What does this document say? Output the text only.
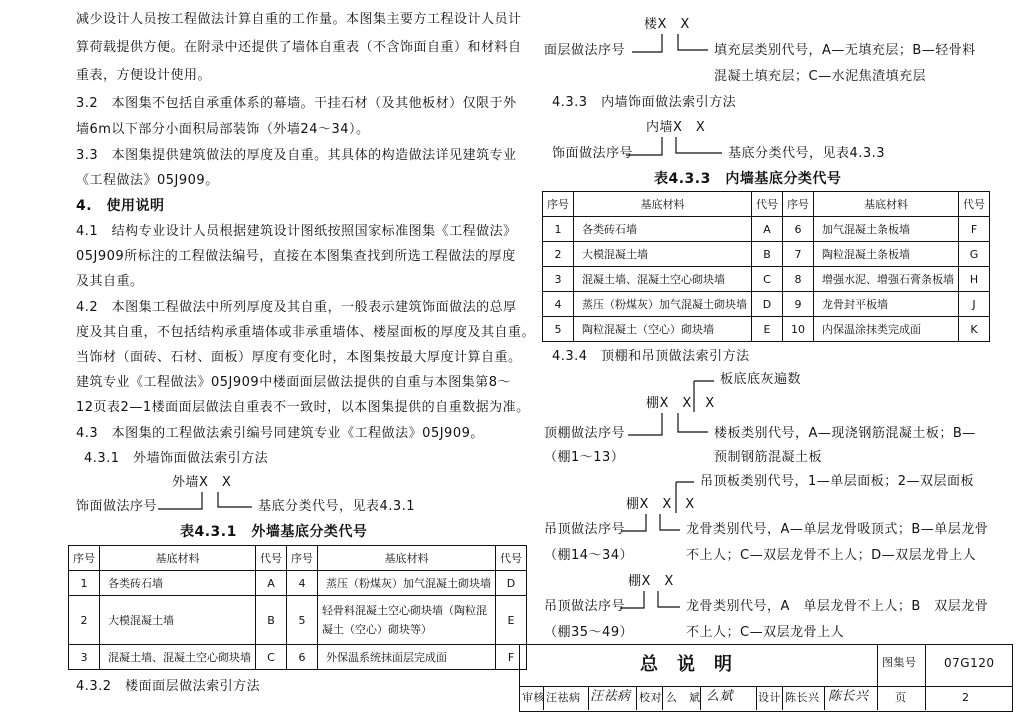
减少设计人员按工程做法计算自重的工作量。本图集主要方工程设计人员计
算荷载提供方便。在附录中还提供了墙体自重表（不含饰面自重）和材料自
重表，方便设计使用。
3.2　本图集不包括自承重体系的幕墙。干挂石材（及其他板材）仅限于外
墙6m以下部分小面积局部装饰（外墙24～34）。
3.3　本图集提供建筑做法的厚度及自重。其具体的构造做法详见建筑专业
《工程做法》05J909。
4.　使用说明
4.1　结构专业设计人员根据建筑设计图纸按照国家标准图集《工程做法》
05J909所标注的工程做法编号，直接在本图集查找到所选工程做法的厚度
及其自重。
4.2　本图集工程做法中所列厚度及其自重，一般表示建筑饰面做法的总厚
度及其自重，不包括结构承重墙体或非承重墙体、楼屋面板的厚度及其自重。
当饰材（面砖、石材、面板）厚度有变化时，本图集按最大厚度计算自重。
建筑专业《工程做法》05J909中楼面面层做法提供的自重与本图集第8～
12页表2—1楼面面层做法自重表不一致时，以本图集提供的自重数据为准。
4.3　本图集的工程做法索引编号同建筑专业《工程做法》05J909。
4.3.1　外墙饰面做法索引方法
外墙X　X
饰面做法序号	基底分类代号，见表4.3.1
表4.3.1　外墙基底分类代号
序号	基底材料	代号	序号	基底材料	代号
1	各类砖石墙	A	4	蒸压（粉煤灰）加气混凝土砌块墙	D
2	大模混凝土墙	B	5	轻骨料混凝土空心砌块墙（陶粒混凝土（空心）砌块等）	E
3	混凝土墙、混凝土空心砌块墙	C	6	外保温系统抹面层完成面	F
4.3.2　楼面面层做法索引方法
楼X　X
面层做法序号	填充层类别代号，A—无填充层；B—轻骨料
混凝土填充层；C—水泥焦渣填充层
4.3.3　内墙饰面做法索引方法
内墙X　X
饰面做法序号	基底分类代号，见表4.3.3
表4.3.3　内墙基底分类代号
序号	基底材料	代号	序号	基底材料	代号
1	各类砖石墙	A	6	加气混凝土条板墙	F
2	大模混凝土墙	B	7	陶粒混凝土条板墙	G
3	混凝土墙、混凝土空心砌块墙	C	8	增强水泥、增强石膏条板墙	H
4	蒸压（粉煤灰）加气混凝土砌块墙	D	9	龙骨封平板墙	J
5	陶粒混凝土（空心）砌块墙	E	10	内保温涂抹类完成面	K
4.3.4　顶棚和吊顶做法索引方法
板底底灰遍数
棚X　X　X
顶棚做法序号
（棚1～13）
楼板类别代号，A—现浇钢筋混凝土板；B—
预制钢筋混凝土板
吊顶板类别代号，1—单层面板；2—双层面板
棚X　X　X
吊顶做法序号
（棚14～34）
龙骨类别代号，A—单层龙骨吸顶式；B—单层龙骨
不上人；C—双层龙骨不上人；D—双层龙骨上人
棚X　X
吊顶做法序号
（棚35～49）
龙骨类别代号，A　单层龙骨不上人；B　双层龙骨
不上人；C—双层龙骨上人
总　说　明	图集号 07G120
审核 汪祛病 汪祛病 校对 么　斌 么斌 设计 陈长兴 陈长兴 页	2
